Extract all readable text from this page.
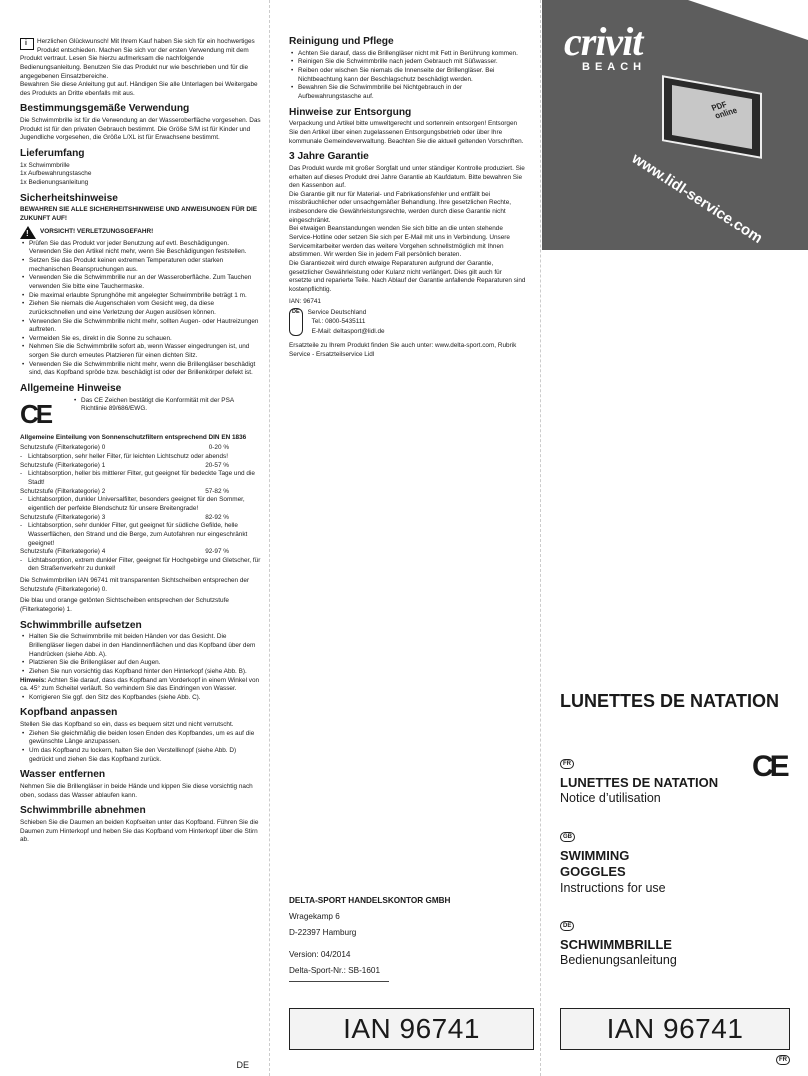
i

Herzlichen Glückwunsch! Mit Ihrem Kauf haben Sie sich für ein hochwertiges Produkt entschieden. Machen Sie sich vor der ersten Verwendung mit dem Produkt vertraut. Lesen Sie hierzu aufmerksam die nachfolgende Bedienungsanleitung. Benutzen Sie das Produkt nur wie beschrieben und für die angegebenen Einsatzbereiche.

Bewahren Sie diese Anleitung gut auf. Händigen Sie alle Unterlagen bei Weitergabe des Produkts an Dritte ebenfalls mit aus.

Bestimmungsgemäße Verwendung

Die Schwimmbrille ist für die Verwendung an der Wasseroberfläche vorgesehen. Das Produkt ist für den privaten Gebrauch bestimmt. Die Größe S/M ist für Kinder und Jugendliche vorgesehen, die Größe L/XL ist für Erwachsene bestimmt.

Lieferumfang

1x Schwimmbrille

1x Aufbewahrungstasche

1x Bedienungsanleitung

Sicherheitshinweise

BEWAHREN SIE ALLE SICHERHEITSHINWEISE UND ANWEISUNGEN FÜR DIE ZUKUNFT AUF!

! VORSICHT! VERLETZUNGSGEFAHR!
• Prüfen Sie das Produkt vor jeder Benutzung auf evtl. Beschädigungen. Verwenden Sie den Artikel nicht mehr, wenn Sie Beschädigungen feststellen.
• Setzen Sie das Produkt keinen extremen Temperaturen oder starken mechanischen Beanspruchungen aus.
• Verwenden Sie die Schwimmbrille nur an der Wasseroberfläche. Zum Tauchen verwenden Sie bitte eine Tauchermaske.
• Die maximal erlaubte Sprunghöhe mit angelegter Schwimmbrille beträgt 1 m.
• Ziehen Sie niemals die Augenschalen vom Gesicht weg, da diese zurückschnellen und eine Verletzung der Augen auslösen können.
• Verwenden Sie die Schwimmbrille nicht mehr, sollten Augen- oder Hautreizungen auftreten.
• Vermeiden Sie es, direkt in die Sonne zu schauen.
• Nehmen Sie die Schwimmbrille sofort ab, wenn Wasser eingedrungen ist, und sorgen Sie durch erneutes Platzieren für einen dichten Sitz.
• Verwenden Sie die Schwimmbrille nicht mehr, wenn die Brillengläser beschädigt sind, das Kopfband spröde bzw. beschädigt ist oder der Brillenkörper defekt ist.
Allgemeine Hinweise
CE
•	Das CE Zeichen bestätigt die Konformität mit der PSA Richtlinie 89/686/EWG.

Allgemeine Einteilung von Sonnenschutzfiltern entsprechend DIN EN 1836

Schutzstufe (Filterkategorie) 0	0-20 %

- Lichtabsorption, sehr heller Filter, für leichten Lichtschutz oder abends!

Schutzstufe (Filterkategorie) 1	20-57 %

- Lichtabsorption, heller bis mittlerer Filter, gut geeignet für bedeckte Tage und die Stadt!

Schutzstufe (Filterkategorie) 2	57-82 %

- Lichtabsorption, dunkler Universalfilter, besonders geeignet für den Sommer, eigentlich der perfekte Blendschutz für unsere Breitengrade!

Schutzstufe (Filterkategorie) 3	82-92 %

- Lichtabsorption, sehr dunkler Filter, gut geeignet für südliche Gefilde, helle Wasserflächen, den Strand und die Berge, zum Autofahren nur eingeschränkt geeignet!

Schutzstufe (Filterkategorie) 4	92-97 %

- Lichtabsorption, extrem dunkler Filter, geeignet für Hochgebirge und Gletscher, für den Straßenverkehr zu dunkel!

Die Schwimmbrillen IAN 96741 mit transparenten Sichtscheiben entsprechen der Schutzstufe (Filterkategorie) 0.

Die blau und orange getönten Sichtscheiben entsprechen der Schutzstufe (Filterkategorie) 1.

Schwimmbrille aufsetzen
• Halten Sie die Schwimmbrille mit beiden Händen vor das Gesicht. Die Brillengläser liegen dabei in den Handinnenflächen und das Kopfband über dem Handrücken (siehe Abb. A).
• Platzieren Sie die Brillengläser auf den Augen.
• Ziehen Sie nun vorsichtig das Kopfband hinter den Hinterkopf (siehe Abb. B).

Hinweis: Achten Sie darauf, dass das Kopfband am Vorderkopf in einem Winkel von ca. 45° zum Scheitel verläuft. So verhindern Sie das Eindringen von Wasser.

• Korrigieren Sie ggf. den Sitz des Kopfbandes (siehe Abb. C).
Kopfband anpassen

Stellen Sie das Kopfband so ein, dass es bequem sitzt und nicht verrutscht.

• Ziehen Sie gleichmäßig die beiden losen Enden des Kopfbandes, um es auf die gewünschte Länge anzupassen.
• Um das Kopfband zu lockern, halten Sie den Verstellknopf (siehe Abb. D) gedrückt und ziehen Sie das Kopfband zurück.
Wasser entfernen

Nehmen Sie die Brillengläser in beide Hände und kippen Sie diese vorsichtig nach oben, sodass das Wasser ablaufen kann.

Schwimmbrille abnehmen

Schieben Sie die Daumen an beiden Kopfseiten unter das Kopfband. Führen Sie die Daumen zum Hinterkopf und heben Sie das Kopfband vom Hinterkopf über die Stirn ab.

DE
Reinigung und Pflege
• Achten Sie darauf, dass die Brillengläser nicht mit Fett in Berührung kommen.
• Reinigen Sie die Schwimmbrille nach jedem Gebrauch mit Süßwasser.
• Reiben oder wischen Sie niemals die Innenseite der Brillengläser. Bei Nichtbeachtung kann der Beschlagschutz beschädigt werden.
• Bewahren Sie die Schwimmbrille bei Nichtgebrauch in der Aufbewahrungstasche auf.
Hinweise zur Entsorgung

Verpackung und Artikel bitte umweltgerecht und sortenrein entsorgen! Entsorgen Sie den Artikel über einen zugelassenen Entsorgungsbetrieb oder über Ihre kommunale Gemeindeverwaltung. Beachten Sie die aktuell geltenden Vorschriften.

3 Jahre Garantie

Das Produkt wurde mit großer Sorgfalt und unter ständiger Kontrolle produziert. Sie erhalten auf dieses Produkt drei Jahre Garantie ab Kaufdatum. Bitte bewahren Sie den Kassenbon auf.

Die Garantie gilt nur für Material- und Fabrikationsfehler und entfällt bei missbräuchlicher oder unsachgemäßer Behandlung. Ihre gesetzlichen Rechte, insbesondere die Gewährleistungsrechte, werden durch diese Garantie nicht eingeschränkt.

Bei etwaigen Beanstandungen wenden Sie sich bitte an die unten stehende Service-Hotline oder setzen Sie sich per E-Mail mit uns in Verbindung. Unsere Servicemitarbeiter werden das weitere Vorgehen schnellstmöglich mit Ihnen abstimmen. Wir werden Sie in jedem Fall persönlich beraten.

Die Garantiezeit wird durch etwaige Reparaturen aufgrund der Garantie, gesetzlicher Gewährleistung oder Kulanz nicht verlängert. Dies gilt auch für ersetzte und reparierte Teile. Nach Ablauf der Garantie anfallende Reparaturen sind kostenpflichtig.

IAN: 96741

DE	Service Deutschland

Tel.: 0800-5435111

E-Mail: deltasport@lidl.de

Ersatzteile zu Ihrem Produkt finden Sie auch unter: www.delta-sport.com, Rubrik Service - Ersatzteilservice Lidl

DELTA-SPORT HANDELSKONTOR GMBH

Wragekamp 6

D-22397 Hamburg

Version: 04/2014

Delta-Sport-Nr.: SB-1601

IAN 96741
crivit
BEACH
PDF online
www.lidl-service.com
LUNETTES DE NATATION
FR
LUNETTES DE NATATION
Notice d’utilisation
CE
GB
SWIMMING GOGGLES
Instructions for use
DE
SCHWIMMBRILLE
Bedienungsanleitung
IAN 96741
FR
